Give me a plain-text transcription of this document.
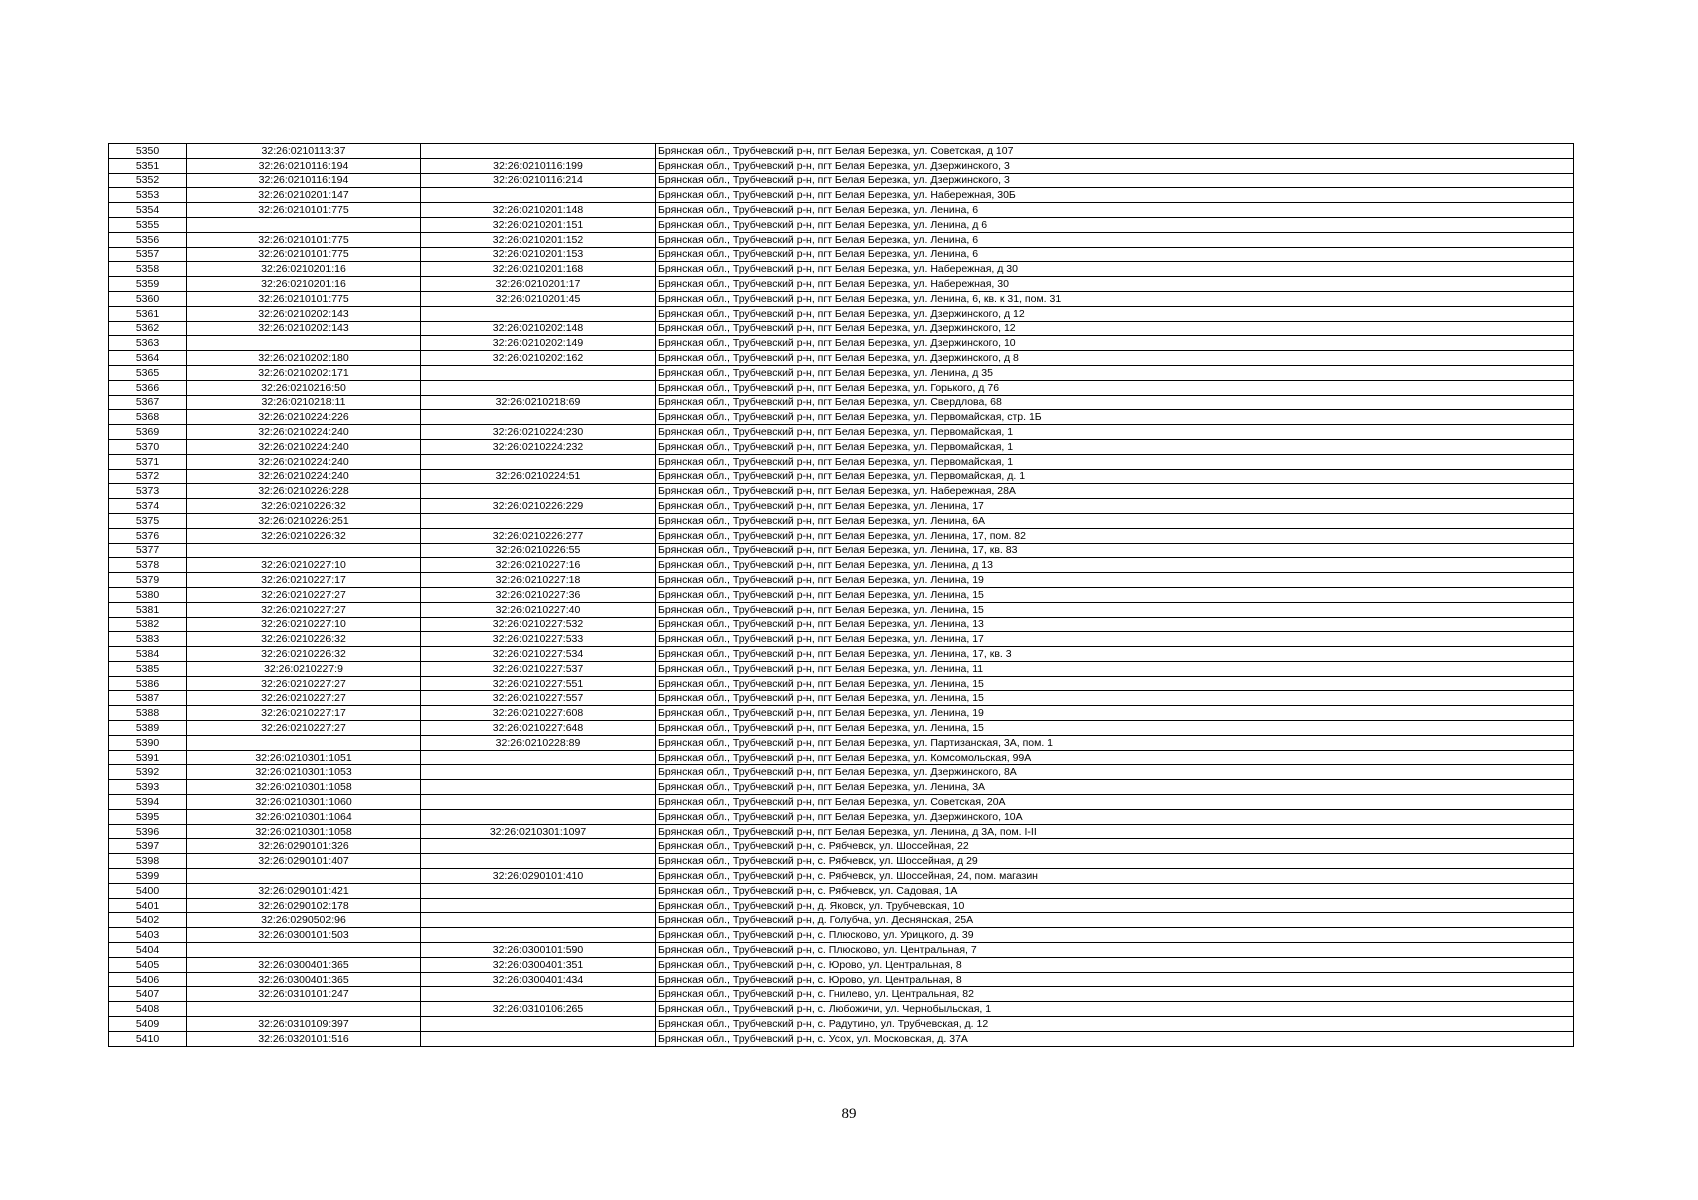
5350	32:26:0210113:37		Брянская обл., Трубчевский р-н, пгт Белая Березка, ул. Советская, д 107
5351	32:26:0210116:194	32:26:0210116:199	Брянская обл., Трубчевский р-н, пгт Белая Березка, ул. Дзержинского, 3
5352	32:26:0210116:194	32:26:0210116:214	Брянская обл., Трубчевский р-н, пгт Белая Березка, ул. Дзержинского, 3
5353	32:26:0210201:147		Брянская обл., Трубчевский р-н, пгт Белая Березка, ул. Набережная, 30Б
5354	32:26:0210101:775	32:26:0210201:148	Брянская обл., Трубчевский р-н, пгт Белая Березка, ул. Ленина, 6
5355		32:26:0210201:151	Брянская обл., Трубчевский р-н, пгт Белая Березка, ул. Ленина, д 6
5356	32:26:0210101:775	32:26:0210201:152	Брянская обл., Трубчевский р-н, пгт Белая Березка, ул. Ленина, 6
5357	32:26:0210101:775	32:26:0210201:153	Брянская обл., Трубчевский р-н, пгт Белая Березка, ул. Ленина, 6
5358	32:26:0210201:16	32:26:0210201:168	Брянская обл., Трубчевский р-н, пгт Белая Березка, ул. Набережная, д 30
5359	32:26:0210201:16	32:26:0210201:17	Брянская обл., Трубчевский р-н, пгт Белая Березка, ул. Набережная, 30
5360	32:26:0210101:775	32:26:0210201:45	Брянская обл., Трубчевский р-н, пгт Белая Березка, ул. Ленина, 6, кв. к 31, пом. 31
5361	32:26:0210202:143		Брянская обл., Трубчевский р-н, пгт Белая Березка, ул. Дзержинского, д 12
5362	32:26:0210202:143	32:26:0210202:148	Брянская обл., Трубчевский р-н, пгт Белая Березка, ул. Дзержинского, 12
5363		32:26:0210202:149	Брянская обл., Трубчевский р-н, пгт Белая Березка, ул. Дзержинского, 10
5364	32:26:0210202:180	32:26:0210202:162	Брянская обл., Трубчевский р-н, пгт Белая Березка, ул. Дзержинского, д 8
5365	32:26:0210202:171		Брянская обл., Трубчевский р-н, пгт Белая Березка, ул. Ленина, д 35
5366	32:26:0210216:50		Брянская обл., Трубчевский р-н, пгт Белая Березка, ул. Горького, д 76
5367	32:26:0210218:11	32:26:0210218:69	Брянская обл., Трубчевский р-н, пгт Белая Березка, ул. Свердлова, 68
5368	32:26:0210224:226		Брянская обл., Трубчевский р-н, пгт Белая Березка, ул. Первомайская, стр. 1Б
5369	32:26:0210224:240	32:26:0210224:230	Брянская обл., Трубчевский р-н, пгт Белая Березка, ул. Первомайская, 1
5370	32:26:0210224:240	32:26:0210224:232	Брянская обл., Трубчевский р-н, пгт Белая Березка, ул. Первомайская, 1
5371	32:26:0210224:240		Брянская обл., Трубчевский р-н, пгт Белая Березка, ул. Первомайская, 1
5372	32:26:0210224:240	32:26:0210224:51	Брянская обл., Трубчевский р-н, пгт Белая Березка, ул. Первомайская, д. 1
5373	32:26:0210226:228		Брянская обл., Трубчевский р-н, пгт Белая Березка, ул. Набережная, 28А
5374	32:26:0210226:32	32:26:0210226:229	Брянская обл., Трубчевский р-н, пгт Белая Березка, ул. Ленина, 17
5375	32:26:0210226:251		Брянская обл., Трубчевский р-н, пгт Белая Березка, ул. Ленина, 6А
5376	32:26:0210226:32	32:26:0210226:277	Брянская обл., Трубчевский р-н, пгт Белая Березка, ул. Ленина, 17, пом. 82
5377		32:26:0210226:55	Брянская обл., Трубчевский р-н, пгт Белая Березка, ул. Ленина, 17, кв. 83
5378	32:26:0210227:10	32:26:0210227:16	Брянская обл., Трубчевский р-н, пгт Белая Березка, ул. Ленина, д 13
5379	32:26:0210227:17	32:26:0210227:18	Брянская обл., Трубчевский р-н, пгт Белая Березка, ул. Ленина, 19
5380	32:26:0210227:27	32:26:0210227:36	Брянская обл., Трубчевский р-н, пгт Белая Березка, ул. Ленина, 15
5381	32:26:0210227:27	32:26:0210227:40	Брянская обл., Трубчевский р-н, пгт Белая Березка, ул. Ленина, 15
5382	32:26:0210227:10	32:26:0210227:532	Брянская обл., Трубчевский р-н, пгт Белая Березка, ул. Ленина, 13
5383	32:26:0210226:32	32:26:0210227:533	Брянская обл., Трубчевский р-н, пгт Белая Березка, ул. Ленина, 17
5384	32:26:0210226:32	32:26:0210227:534	Брянская обл., Трубчевский р-н, пгт Белая Березка, ул. Ленина, 17, кв. 3
5385	32:26:0210227:9	32:26:0210227:537	Брянская обл., Трубчевский р-н, пгт Белая Березка, ул. Ленина, 11
5386	32:26:0210227:27	32:26:0210227:551	Брянская обл., Трубчевский р-н, пгт Белая Березка, ул. Ленина, 15
5387	32:26:0210227:27	32:26:0210227:557	Брянская обл., Трубчевский р-н, пгт Белая Березка, ул. Ленина, 15
5388	32:26:0210227:17	32:26:0210227:608	Брянская обл., Трубчевский р-н, пгт Белая Березка, ул. Ленина, 19
5389	32:26:0210227:27	32:26:0210227:648	Брянская обл., Трубчевский р-н, пгт Белая Березка, ул. Ленина, 15
5390		32:26:0210228:89	Брянская обл., Трубчевский р-н, пгт Белая Березка, ул. Партизанская, 3А, пом. 1
5391	32:26:0210301:1051		Брянская обл., Трубчевский р-н, пгт Белая Березка, ул. Комсомольская, 99А
5392	32:26:0210301:1053		Брянская обл., Трубчевский р-н, пгт Белая Березка, ул. Дзержинского, 8А
5393	32:26:0210301:1058		Брянская обл., Трубчевский р-н, пгт Белая Березка, ул. Ленина, 3А
5394	32:26:0210301:1060		Брянская обл., Трубчевский р-н, пгт Белая Березка, ул. Советская, 20А
5395	32:26:0210301:1064		Брянская обл., Трубчевский р-н, пгт Белая Березка, ул. Дзержинского, 10А
5396	32:26:0210301:1058	32:26:0210301:1097	Брянская обл., Трубчевский р-н, пгт Белая Березка, ул. Ленина, д 3А, пом. I-II
5397	32:26:0290101:326		Брянская обл., Трубчевский р-н, с. Рябчевск, ул. Шоссейная, 22
5398	32:26:0290101:407		Брянская обл., Трубчевский р-н, с. Рябчевск, ул. Шоссейная, д 29
5399		32:26:0290101:410	Брянская обл., Трубчевский р-н, с. Рябчевск, ул. Шоссейная, 24, пом. магазин
5400	32:26:0290101:421		Брянская обл., Трубчевский р-н, с. Рябчевск, ул. Садовая, 1А
5401	32:26:0290102:178		Брянская обл., Трубчевский р-н, д. Яковск, ул. Трубчевская, 10
5402	32:26:0290502:96		Брянская обл., Трубчевский р-н, д. Голубча, ул. Деснянская, 25А
5403	32:26:0300101:503		Брянская обл., Трубчевский р-н, с. Плюсково, ул. Урицкого, д. 39
5404		32:26:0300101:590	Брянская обл., Трубчевский р-н, с. Плюсково, ул. Центральная, 7
5405	32:26:0300401:365	32:26:0300401:351	Брянская обл., Трубчевский р-н, с. Юрово, ул. Центральная, 8
5406	32:26:0300401:365	32:26:0300401:434	Брянская обл., Трубчевский р-н, с. Юрово, ул. Центральная, 8
5407	32:26:0310101:247		Брянская обл., Трубчевский р-н, с. Гнилево, ул. Центральная, 82
5408		32:26:0310106:265	Брянская обл., Трубчевский р-н, с. Любожичи, ул. Чернобыльская, 1
5409	32:26:0310109:397		Брянская обл., Трубчевский р-н, с. Радутино, ул. Трубчевская, д. 12
5410	32:26:0320101:516		Брянская обл., Трубчевский р-н, с. Усох, ул. Московская, д. 37А
89
